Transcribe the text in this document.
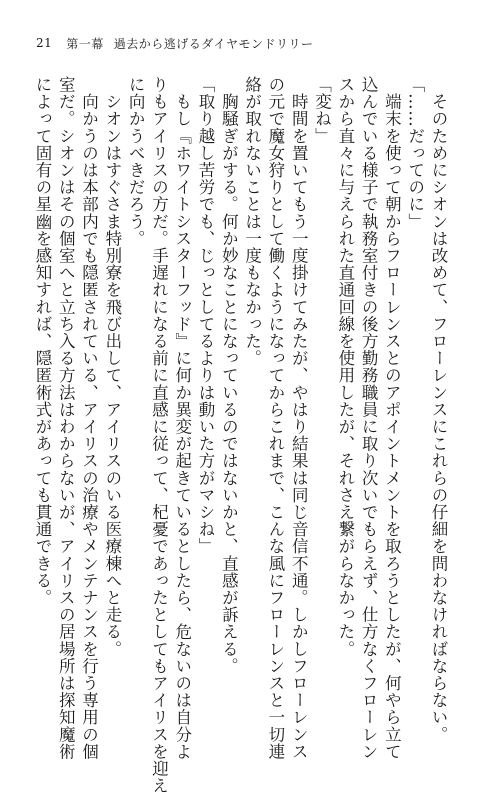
21 第一幕 過去から逃げるダイヤモンドリリー
　そのためにシオンは改めて、フローレンスにこれらの仔細を問わなければならない。
「……だってのに」
　端末を使って朝からフローレンスとのアポイントメントを取ろうとしたが、何やら立て
込んでいる様子で執務室付きの後方勤務職員に取り次いでもらえず、仕方なくフローレン
スから直々に与えられた直通回線を使用したが、それさえ繋がらなかった。
「変ね」
　時間を置いてもう一度掛けてみたが、やはり結果は同じ音信不通。しかしフローレンス
の元で魔女狩りとして働くようになってからこれまで、こんな風にフローレンスと一切連
絡が取れないことは一度もなかった。
　胸騒ぎがする。何か妙なことになっているのではないかと、直感が訴える。
「取り越し苦労でも、じっとしてるよりは動いた方がマシね」
　もし『ホワイトシスターフッド』に何か異変が起きているとしたら、危ないのは自分よ
りもアイリスの方だ。手遅れになる前に直感に従って、杞憂であったとしてもアイリスを迎え
に向かうべきだろう。
　シオンはすぐさま特別寮を飛び出して、アイリスのいる医療棟へと走る。
　向かうのは本部内でも隠匿されている、アイリスの治療やメンテナンスを行う専用の個
室だ。シオンはその個室へと立ち入る方法はわからないが、アイリスの居場所は探知魔術
によって固有の星幽を感知すれば、隠匿術式があっても貫通できる。
